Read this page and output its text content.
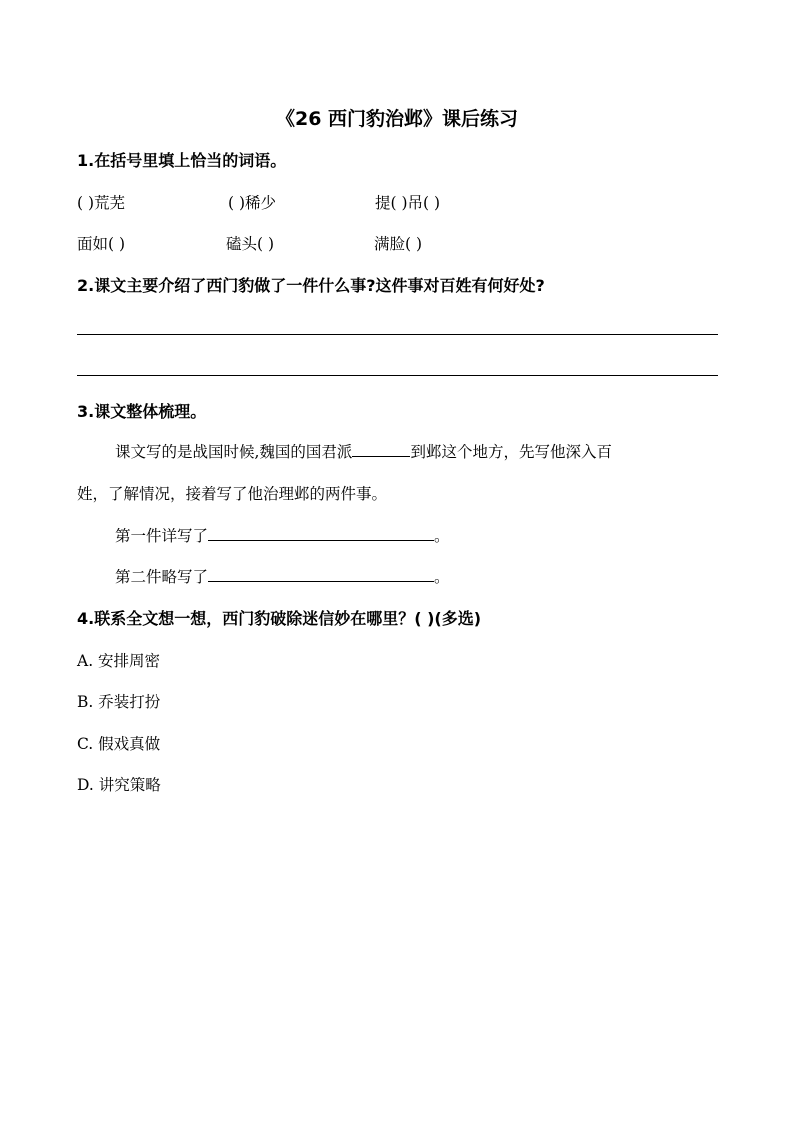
《26 西门豹治邺》课后练习
1.在括号里填上恰当的词语。
( )荒芜	( )稀少	提( )吊( )
面如( )	磕头( )	满脸( )
2.课文主要介绍了西门豹做了一件什么事?这件事对百姓有何好处?
3.课文整体梳理。
课文写的是战国时候,魏国的国君派	到邺这个地方，先写他深入百
姓，了解情况，接着写了他治理邺的两件事。
第一件详写了	。
第二件略写了	。
4.联系全文想一想，西门豹破除迷信妙在哪里？( )(多选)
A. 安排周密
B. 乔装打扮
C. 假戏真做
D. 讲究策略
